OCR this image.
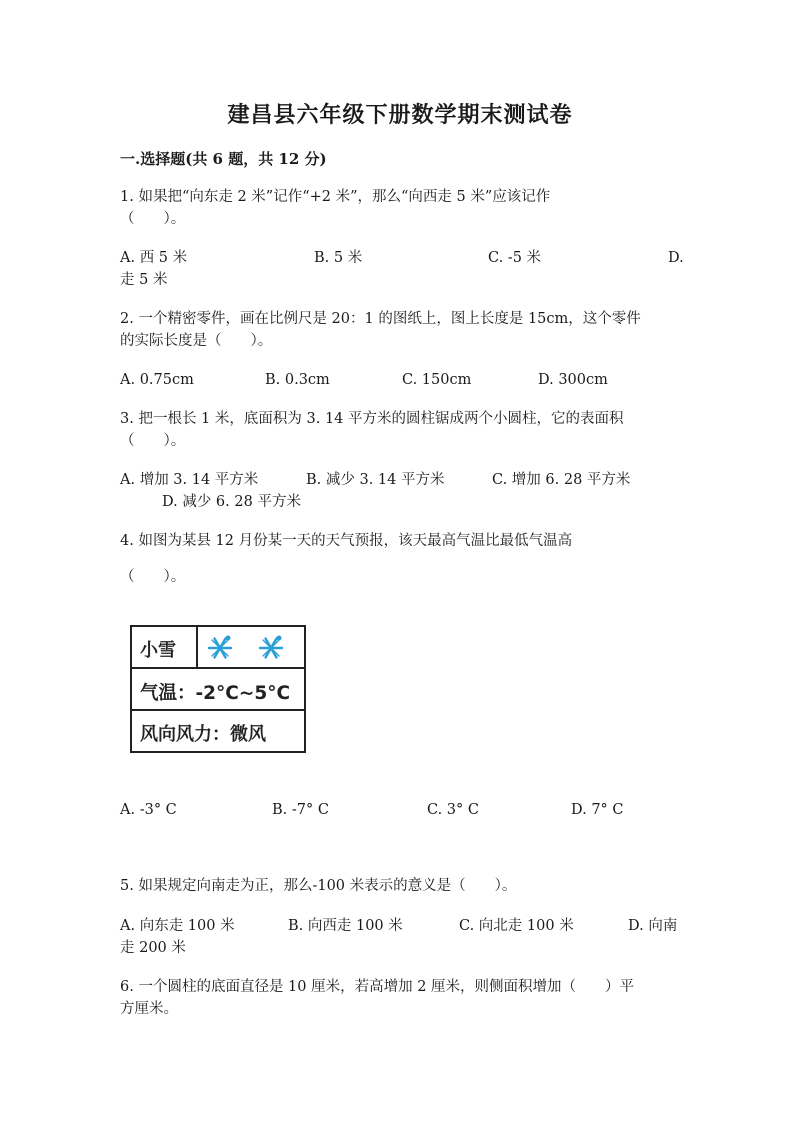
建昌县六年级下册数学期末测试卷
一.选择题(共 6 题，共 12 分)
1. 如果把“向东走 2 米”记作“+2 米”，那么“向西走 5 米”应该记作
（　　）。
A. 西 5 米	B. 5 米	C. -5 米	D.
走 5 米
2. 一个精密零件，画在比例尺是 20：1 的图纸上，图上长度是 15cm，这个零件
的实际长度是（　　）。
A. 0.75cm	B. 0.3cm	C. 150cm	D. 300cm
3. 把一根长 1 米，底面积为 3. 14 平方米的圆柱锯成两个小圆柱，它的表面积
（　　）。
A. 增加 3. 14 平方米	B. 减少 3. 14 平方米	C. 增加 6. 28 平方米
D. 减少 6. 28 平方米
4. 如图为某县 12 月份某一天的天气预报，该天最高气温比最低气温高
（　　）。
小雪
气温：-2°C~5°C
风向风力：微风
A. -3° C	B. -7° C	C. 3° C	D. 7° C
5. 如果规定向南走为正，那么-100 米表示的意义是（　　）。
A. 向东走 100 米	B. 向西走 100 米	C. 向北走 100 米	D. 向南
走 200 米
6. 一个圆柱的底面直径是 10 厘米，若高增加 2 厘米，则侧面积增加（　　）平
方厘米。
